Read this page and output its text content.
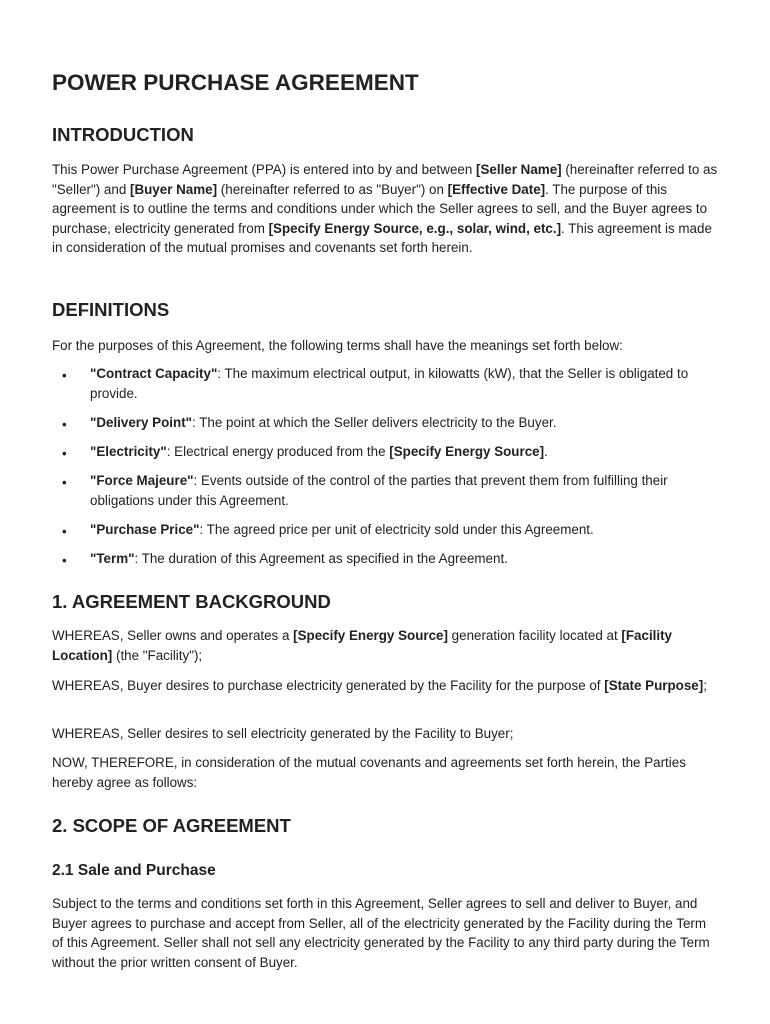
POWER PURCHASE AGREEMENT
INTRODUCTION
This Power Purchase Agreement (PPA) is entered into by and between [Seller Name] (hereinafter referred to as "Seller") and [Buyer Name] (hereinafter referred to as "Buyer") on [Effective Date]. The purpose of this agreement is to outline the terms and conditions under which the Seller agrees to sell, and the Buyer agrees to purchase, electricity generated from [Specify Energy Source, e.g., solar, wind, etc.]. This agreement is made in consideration of the mutual promises and covenants set forth herein.
DEFINITIONS
For the purposes of this Agreement, the following terms shall have the meanings set forth below:
• "Contract Capacity": The maximum electrical output, in kilowatts (kW), that the Seller is obligated to provide.
• "Delivery Point": The point at which the Seller delivers electricity to the Buyer.
• "Electricity": Electrical energy produced from the [Specify Energy Source].
• "Force Majeure": Events outside of the control of the parties that prevent them from fulfilling their obligations under this Agreement.
• "Purchase Price": The agreed price per unit of electricity sold under this Agreement.
• "Term": The duration of this Agreement as specified in the Agreement.
1. AGREEMENT BACKGROUND
WHEREAS, Seller owns and operates a [Specify Energy Source] generation facility located at [Facility Location] (the "Facility");
WHEREAS, Buyer desires to purchase electricity generated by the Facility for the purpose of [State Purpose];
WHEREAS, Seller desires to sell electricity generated by the Facility to Buyer;
NOW, THEREFORE, in consideration of the mutual covenants and agreements set forth herein, the Parties hereby agree as follows:
2. SCOPE OF AGREEMENT
2.1 Sale and Purchase
Subject to the terms and conditions set forth in this Agreement, Seller agrees to sell and deliver to Buyer, and Buyer agrees to purchase and accept from Seller, all of the electricity generated by the Facility during the Term of this Agreement. Seller shall not sell any electricity generated by the Facility to any third party during the Term without the prior written consent of Buyer.
